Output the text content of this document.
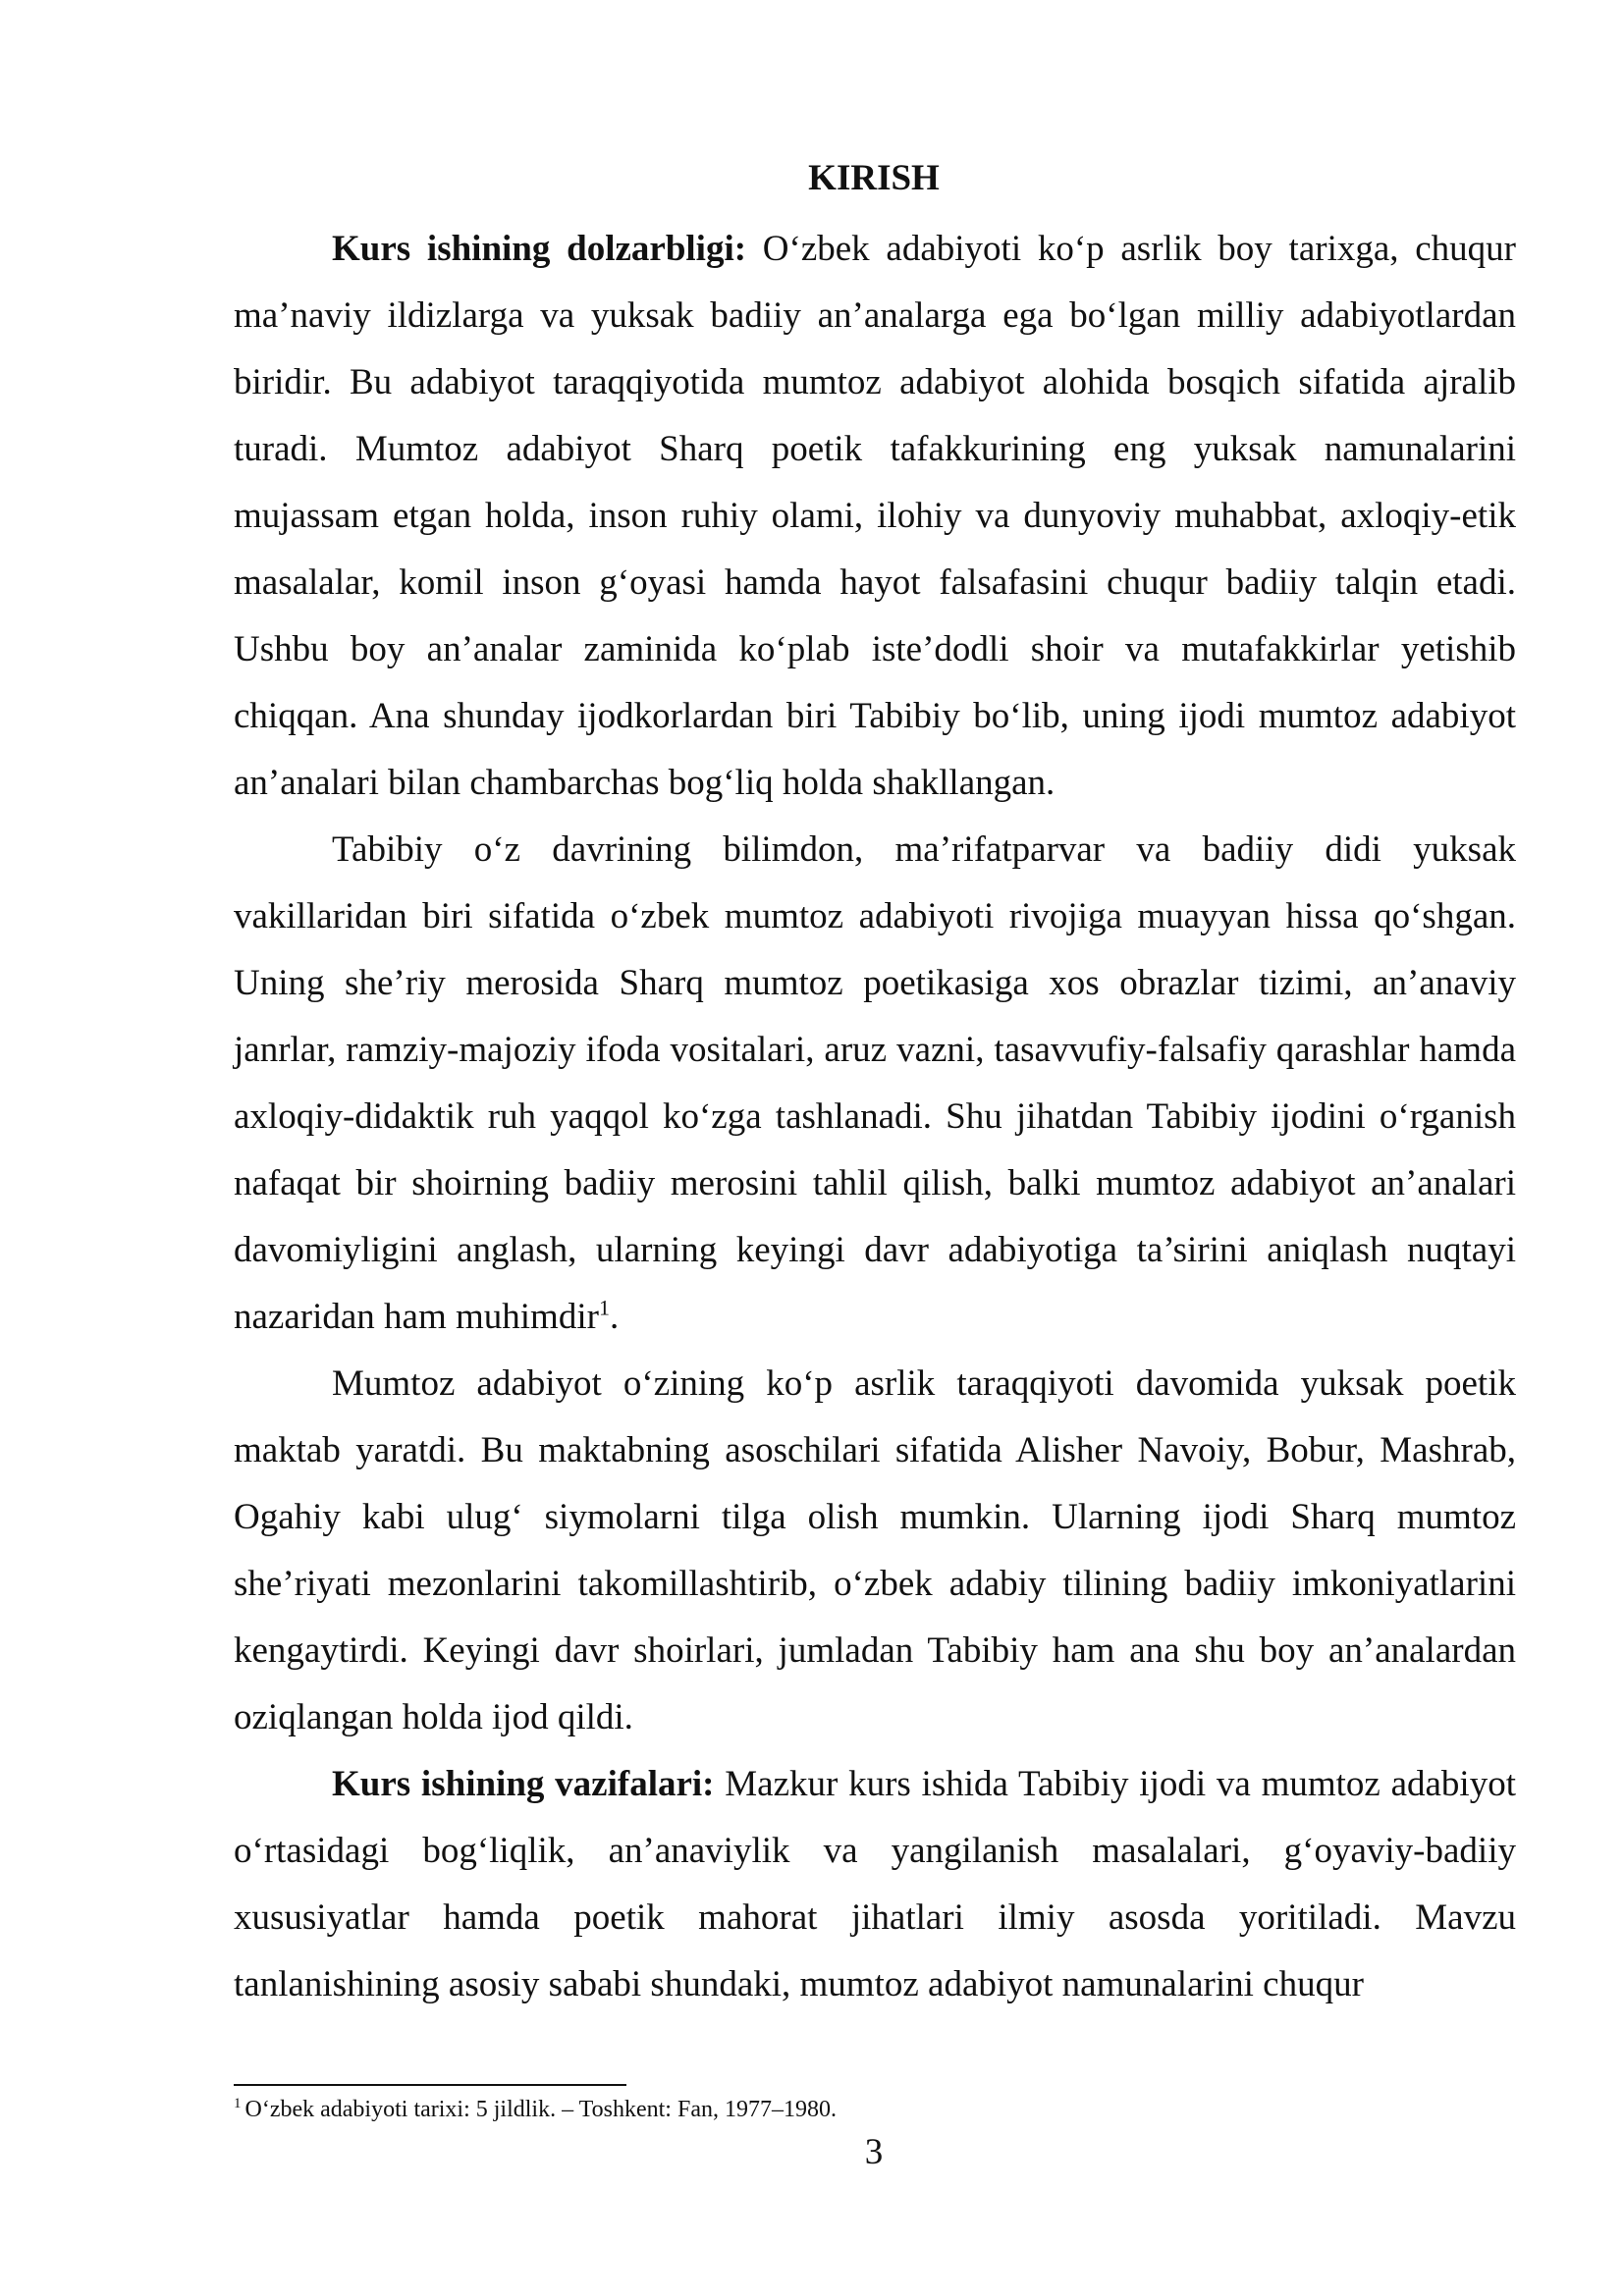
KIRISH

Kurs ishining dolzarbligi: O‘zbek adabiyoti ko‘p asrlik boy tarixga, chuqur ma’naviy ildizlarga va yuksak badiiy an’analarga ega bo‘lgan milliy adabiyotlardan biridir. Bu adabiyot taraqqiyotida mumtoz adabiyot alohida bosqich sifatida ajralib turadi. Mumtoz adabiyot Sharq poetik tafakkurining eng yuksak namunalarini mujassam etgan holda, inson ruhiy olami, ilohiy va dunyoviy muhabbat, axloqiy-etik masalalar, komil inson g‘oyasi hamda hayot falsafasini chuqur badiiy talqin etadi. Ushbu boy an’analar zaminida ko‘plab iste’dodli shoir va mutafakkirlar yetishib chiqqan. Ana shunday ijodkorlardan biri Tabibiy bo‘lib, uning ijodi mumtoz adabiyot an’analari bilan chambarchas bog‘liq holda shakllangan.

Tabibiy o‘z davrining bilimdon, ma’rifatparvar va badiiy didi yuksak vakillaridan biri sifatida o‘zbek mumtoz adabiyoti rivojiga muayyan hissa qo‘shgan. Uning she’riy merosida Sharq mumtoz poetikasiga xos obrazlar tizimi, an’anaviy janrlar, ramziy-majoziy ifoda vositalari, aruz vazni, tasavvufiy-falsafiy qarashlar hamda axloqiy-didaktik ruh yaqqol ko‘zga tashlanadi. Shu jihatdan Tabibiy ijodini o‘rganish nafaqat bir shoirning badiiy merosini tahlil qilish, balki mumtoz adabiyot an’analari davomiyligini anglash, ularning keyingi davr adabiyotiga ta’sirini aniqlash nuqtayi nazaridan ham muhimdir$^1$.

Mumtoz adabiyot o‘zining ko‘p asrlik taraqqiyoti davomida yuksak poetik maktab yaratdi. Bu maktabning asoschilari sifatida Alisher Navoiy, Bobur, Mashrab, Ogahiy kabi ulug‘ siymolarni tilga olish mumkin. Ularning ijodi Sharq mumtoz she’riyati mezonlarini takomillashtirib, o‘zbek adabiy tilining badiiy imkoniyatlarini kengaytirdi. Keyingi davr shoirlari, jumladan Tabibiy ham ana shu boy an’analardan oziqlangan holda ijod qildi.

Kurs ishining vazifalari: Mazkur kurs ishida Tabibiy ijodi va mumtoz adabiyot o‘rtasidagi bog‘liqlik, an’anaviylik va yangilanish masalalari, g‘oyaviy-badiiy xususiyatlar hamda poetik mahorat jihatlari ilmiy asosda yoritiladi. Mavzu tanlanishining asosiy sababi shundaki, mumtoz adabiyot namunalarini chuqur

$^1$ O‘zbek adabiyoti tarixi: 5 jildlik. – Toshkent: Fan, 1977–1980.

3
